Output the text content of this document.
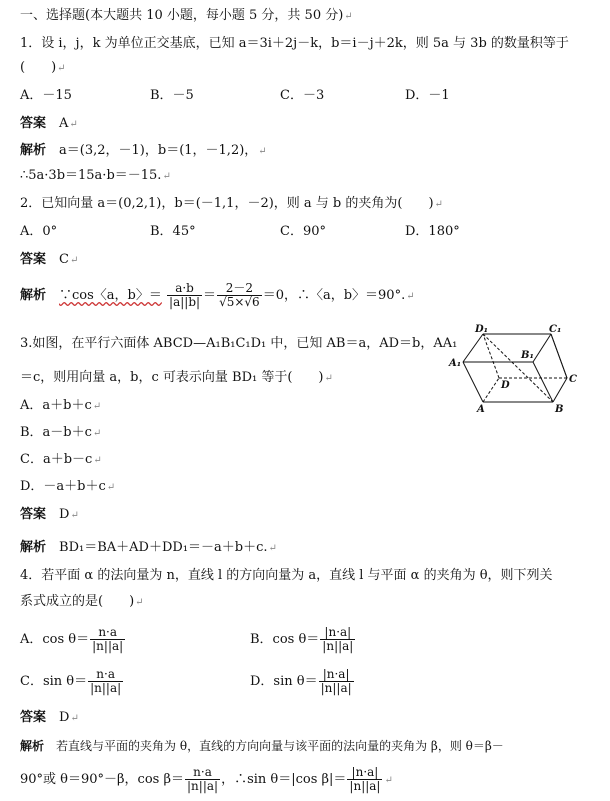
一、选择题(本大题共 10 小题，每小题 5 分，共 50 分)↵
1．设 i，j，k 为单位正交基底，已知 a＝3i＋2j－k，b＝i－j＋2k，则 5a 与 3b 的数量积等于
(　　)↵
A．－15	B．－5	C．－3	D．－1
答案　 A↵
解析　 a＝(3,2，－1)，b＝(1，－1,2)，↵
∴5a·3b＝15a·b＝－15.↵
2．已知向量 a＝(0,2,1)，b＝(－1,1，－2)，则 a 与 b 的夹角为(　　)↵
A．0°	B．45°	C．90°	D．180°
答案　 C↵
解析　 ∵cos〈a，b〉＝ $\frac{a\cdot b}{|a||b|} = \frac{2-2}{√5\times√6} =0$，∴〈a，b〉＝90°.↵
3.如图，在平行六面体 ABCD—A₁B₁C₁D₁ 中，已知 AB＝a，AD＝b，AA₁
＝c，则用向量 a，b，c 可表示向量 BD₁ 等于(　　)↵
A．a＋b＋c↵
B．a－b＋c↵
C．a＋b－c↵
D．－a＋b＋c↵
答案　 D↵
解析　 BD₁＝BA＋AD＋DD₁＝－a＋b＋c.↵
A	B
C
D
A₁
B₁
C₁
D₁
4．若平面 α 的法向量为 n，直线 l 的方向向量为 a，直线 l 与平面 α 的夹角为 θ，则下列关
系式成立的是(　　)↵
A．$\cos \theta= \frac{n\cdot a}{|n||a|}$	B．$\cos \theta= \frac{|n\cdot a|}{|n||a|}$
C．$\sin \theta= \frac{n\cdot a}{|n||a|}$	D．$\sin \theta= \frac{|n\cdot a|}{|n||a|}$
答案　 D↵
解析　 若直线与平面的夹角为 θ，直线的方向向量与该平面的法向量的夹角为 β，则 θ＝β－
90°或 θ＝90°－β，$\cos \beta= \frac{n\cdot a}{|n||a|}$ ，∴sin θ＝|cos $\beta|= \frac{|n\cdot a|}{|n||a|}$ ↵
